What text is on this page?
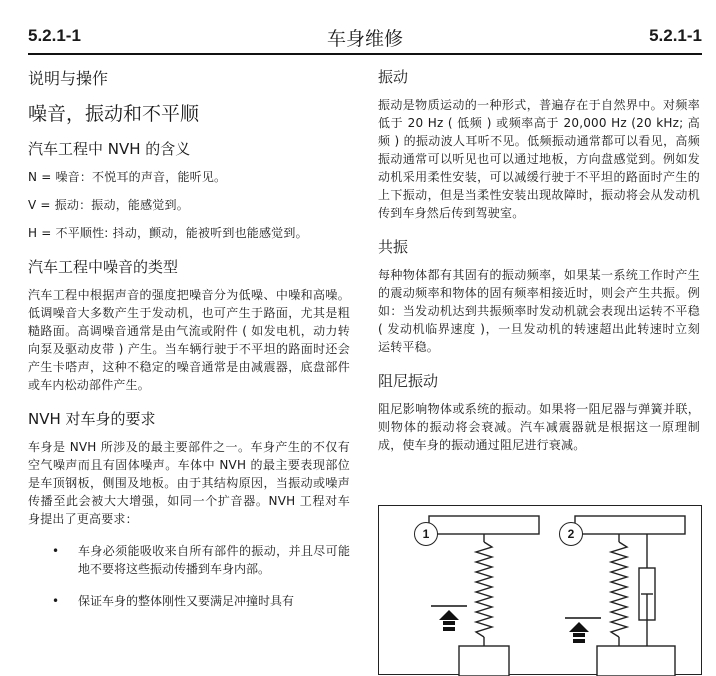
5.2.1-1	车身维修	5.2.1-1
说明与操作
噪音，振动和不平顺
汽车工程中 NVH 的含义

N = 噪音：不悦耳的声音，能听见。

V = 振动：振动，能感觉到。

H = 不平顺性: 抖动，颤动，能被听到也能感觉到。

汽车工程中噪音的类型

汽车工程中根据声音的强度把噪音分为低噪、中噪和高噪。低调噪音大多数产生于发动机，也可产生于路面，尤其是粗糙路面。高调噪音通常是由气流或附件 ( 如发电机，动力转向泵及驱动皮带 ) 产生。当车辆行驶于不平坦的路面时还会产生卡嗒声，这种不稳定的噪音通常是由减震器，底盘部件或车内松动部件产生。

NVH 对车身的要求

车身是 NVH 所涉及的最主要部件之一。车身产生的不仅有空气噪声而且有固体噪声。车体中 NVH 的最主要表现部位是车顶钢板，侧围及地板。由于其结构原因，当振动或噪声传播至此会被大大增强，如同一个扩音器。NVH 工程对车身提出了更高要求：

• 车身必须能吸收来自所有部件的振动，并且尽可能地不要将这些振动传播到车身内部。
• 保证车身的整体刚性又要满足冲撞时具有
振动

振动是物质运动的一种形式，普遍存在于自然界中。对频率低于 20 Hz ( 低频 ) 或频率高于 20,000 Hz (20 kHz; 高频 ) 的振动波人耳听不见。低频振动通常都可以看见，高频振动通常可以听见也可以通过地板，方向盘感觉到。例如发动机采用柔性安装，可以减缓行驶于不平坦的路面时产生的上下振动，但是当柔性安装出现故障时，振动将会从发动机传到车身然后传到驾驶室。

共振

每种物体都有其固有的振动频率，如果某一系统工作时产生的震动频率和物体的固有频率相接近时，则会产生共振。例如：当发动机达到共振频率时发动机就会表现出运转不平稳 ( 发动机临界速度 )，一旦发动机的转速超出此转速时立刻运转平稳。

阻尼振动

阻尼影响物体或系统的振动。如果将一阻尼器与弹簧并联，则物体的振动将会衰减。汽车减震器就是根据这一原理制成，使车身的振动通过阻尼进行衰减。

1	2
